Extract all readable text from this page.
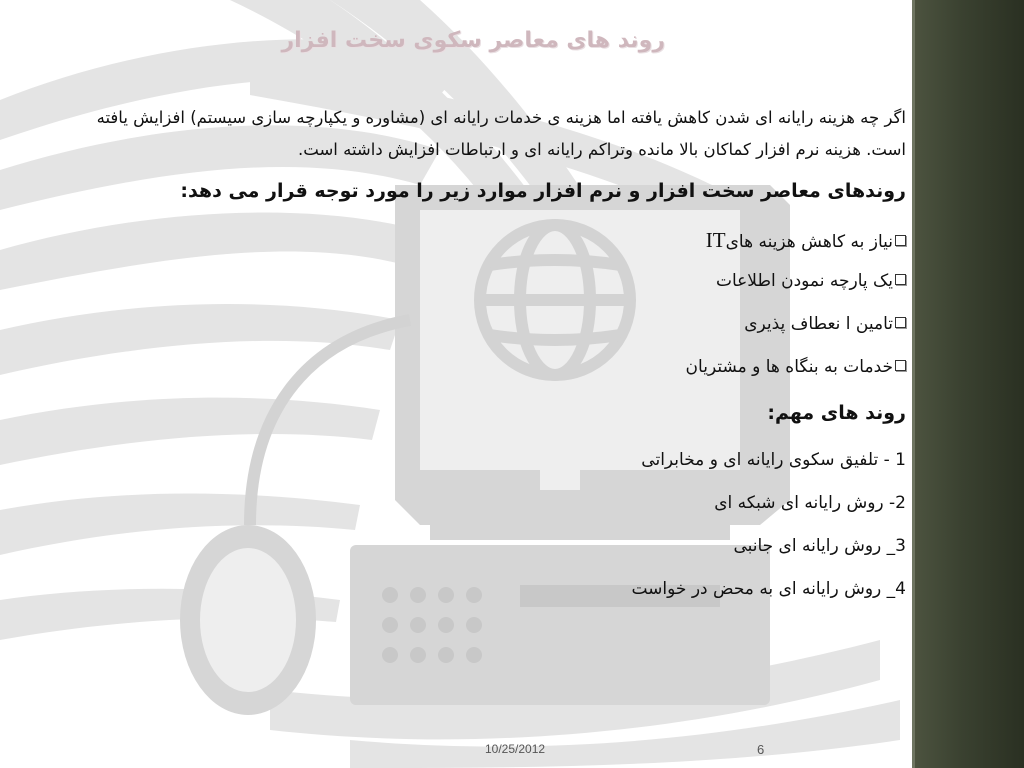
روند های معاصر سکوی سخت افزار
اگر چه هزینه رایانه ای شدن کاهش یافته اما هزینه ی خدمات رایانه ای (مشاوره و یکپارچه سازی سیستم) افزایش یافته است. هزینه نرم افزار کماکان بالا مانده وتراکم رایانه ای و ارتباطات افزایش داشته است.
روندهای معاصر سخت افزار و نرم افزار موارد زیر را مورد توجه قرار می دهد:
نیاز به کاهش هزینه هایIT
یک پارچه نمودن اطلاعات
تامین ا نعطاف پذیری
خدمات به بنگاه ها و مشتریان
روند های مهم:
1 - تلفیق سکوی رایانه ای و مخابراتی
2- روش رایانه ای شبکه ای
3_ روش رایانه ای جانبی
4_ روش رایانه ای به محض در خواست
10/25/2012	6
